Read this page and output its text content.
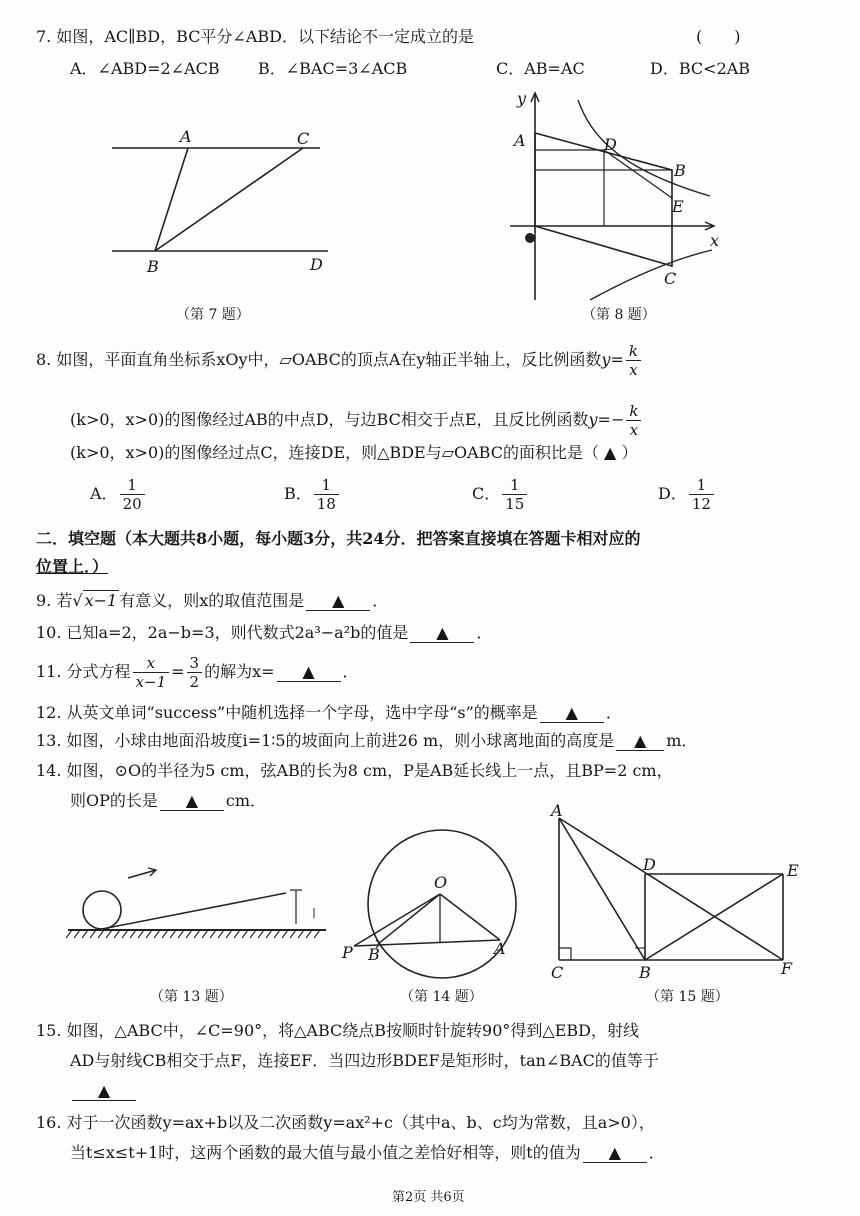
7. 如图，AC∥BD，BC平分∠ABD．以下结论不一定成立的是	(　　)
A．∠ABD=2∠ACB B．∠BAC=3∠ACB	C．AB=AC	D．BC<2AB
A	C
B	D
（第 7 题）
y
A	D
B
E
x
C
（第 8 题）
8. 如图，平面直角坐标系xOy中，▱OABC的顶点A在y轴正半轴上，反比例函数$y= \frac{k}{x}$
(k>0，x>0)的图像经过AB的中点D，与边BC相交于点E，且反比例函数$y=- \frac{k}{x}$
(k>0，x>0)的图像经过点C，连接DE，则△BDE与▱OABC的面积比是（ ▲ ）
A． $\frac{1}{20}$	B． $\frac{1}{18}$	C． $\frac{1}{15}$	D． $\frac{1}{12}$
二．填空题（本大题共8小题，每小题3分，共24分．把答案直接填在答题卡相对应的
位置上．）
9. 若√ x−1 有意义，则x的取值范围是 ▲ ．
10. 已知a=2，2a−b=3，则代数式2a³−a²b的值是 ▲ ．
11. 分式方程 $\frac{x}{x-1} = \frac{3}{2}$ 的解为x= ▲ ．
12. 从英文单词“success”中随机选择一个字母，选中字母“s”的概率是 ▲ ．
13. 如图，小球由地面沿坡度i=1∶5的坡面向上前进26 m，则小球离地面的高度是 ▲ m．
14. 如图，⊙O的半径为5 cm，弦AB的长为8 cm，P是AB延长线上一点，且BP=2 cm，
则OP的长是 ▲ cm．
（第 13 题）
O
P B	A
（第 14 题）
A
D	E
C	B	F
（第 15 题）
15. 如图，△ABC中，∠C=90°，将△ABC绕点B按顺时针旋转90°得到△EBD，射线
AD与射线CB相交于点F，连接EF．当四边形BDEF是矩形时，tan∠BAC的值等于
▲
16. 对于一次函数y=ax+b以及二次函数y=ax²+c（其中a、b、c均为常数，且a>0），
当t≤x≤t+1时，这两个函数的最大值与最小值之差恰好相等，则t的值为 ▲ ．
第2页 共6页
